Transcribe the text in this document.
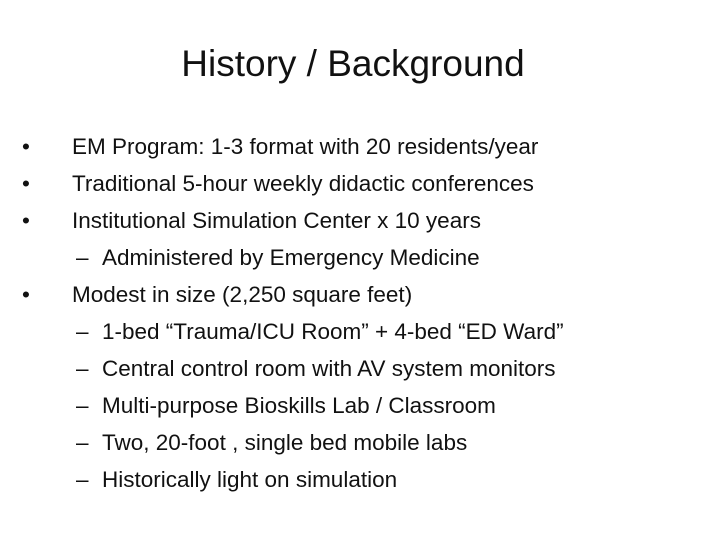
History / Background
•	EM Program: 1-3 format with 20 residents/year
•	Traditional 5-hour weekly didactic conferences
•	Institutional Simulation Center x 10 years
– Administered by Emergency Medicine
•	Modest in size (2,250 square feet)
– 1-bed “Trauma/ICU Room” + 4-bed “ED Ward”
– Central control room with AV system monitors
– Multi-purpose Bioskills Lab / Classroom
– Two, 20-foot , single bed mobile labs
– Historically light on simulation
